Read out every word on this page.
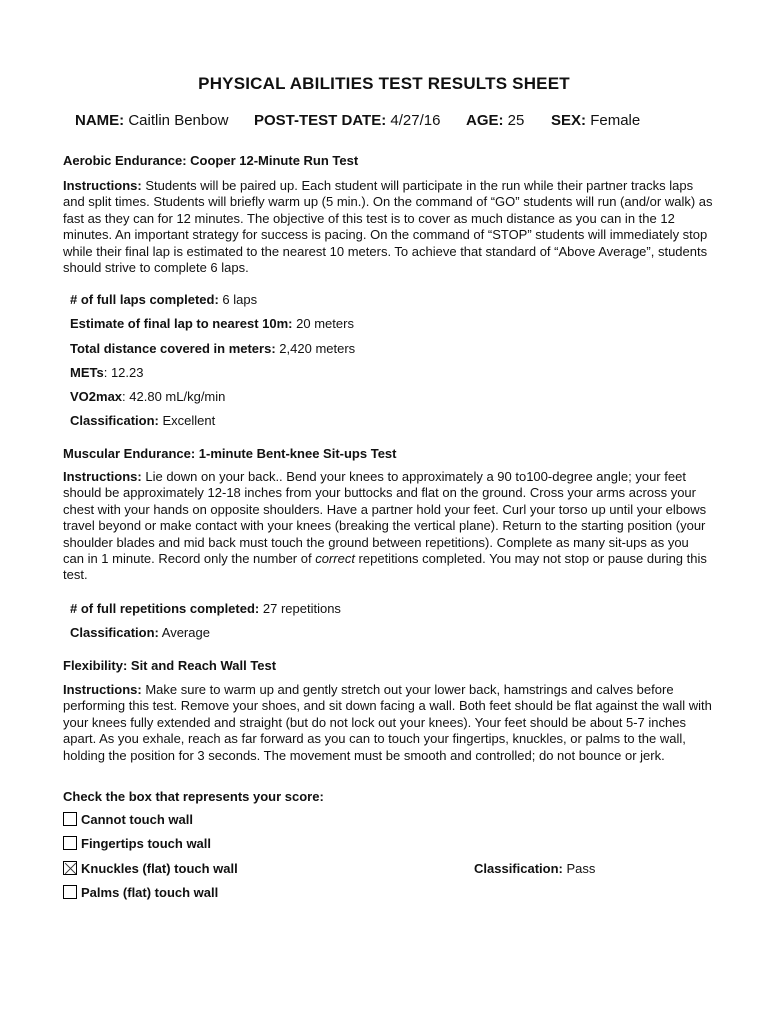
PHYSICAL ABILITIES TEST RESULTS SHEET
NAME: Caitlin Benbow POST-TEST DATE: 4/27/16 AGE: 25 SEX: Female
Aerobic Endurance: Cooper 12-Minute Run Test

Instructions: Students will be paired up. Each student will participate in the run while their partner tracks laps and split times. Students will briefly warm up (5 min.). On the command of “GO” students will run (and/or walk) as fast as they can for 12 minutes. The objective of this test is to cover as much distance as you can in the 12 minutes. An important strategy for success is pacing. On the command of “STOP” students will immediately stop while their final lap is estimated to the nearest 10 meters. To achieve that standard of “Above Average”, students should strive to complete 6 laps.

# of full laps completed: 6 laps
Estimate of final lap to nearest 10m: 20 meters
Total distance covered in meters: 2,420 meters
METs: 12.23
VO2max: 42.80 mL/kg/min
Classification: Excellent
Muscular Endurance: 1-minute Bent-knee Sit-ups Test

Instructions: Lie down on your back.. Bend your knees to approximately a 90 to100-degree angle; your feet should be approximately 12-18 inches from your buttocks and flat on the ground. Cross your arms across your chest with your hands on opposite shoulders. Have a partner hold your feet. Curl your torso up until your elbows travel beyond or make contact with your knees (breaking the vertical plane). Return to the starting position (your shoulder blades and mid back must touch the ground between repetitions). Complete as many sit-ups as you can in 1 minute. Record only the number of correct repetitions completed. You may not stop or pause during this test.

# of full repetitions completed: 27 repetitions
Classification: Average
Flexibility: Sit and Reach Wall Test

Instructions: Make sure to warm up and gently stretch out your lower back, hamstrings and calves before performing this test. Remove your shoes, and sit down facing a wall. Both feet should be flat against the wall with your knees fully extended and straight (but do not lock out your knees). Your feet should be about 5-7 inches apart. As you exhale, reach as far forward as you can to touch your fingertips, knuckles, or palms to the wall, holding the position for 3 seconds. The movement must be smooth and controlled; do not bounce or jerk.

Check the box that represents your score:
Cannot touch wall
Fingertips touch wall
Knuckles (flat) touch wall
Palms (flat) touch wall
Classification: Pass
